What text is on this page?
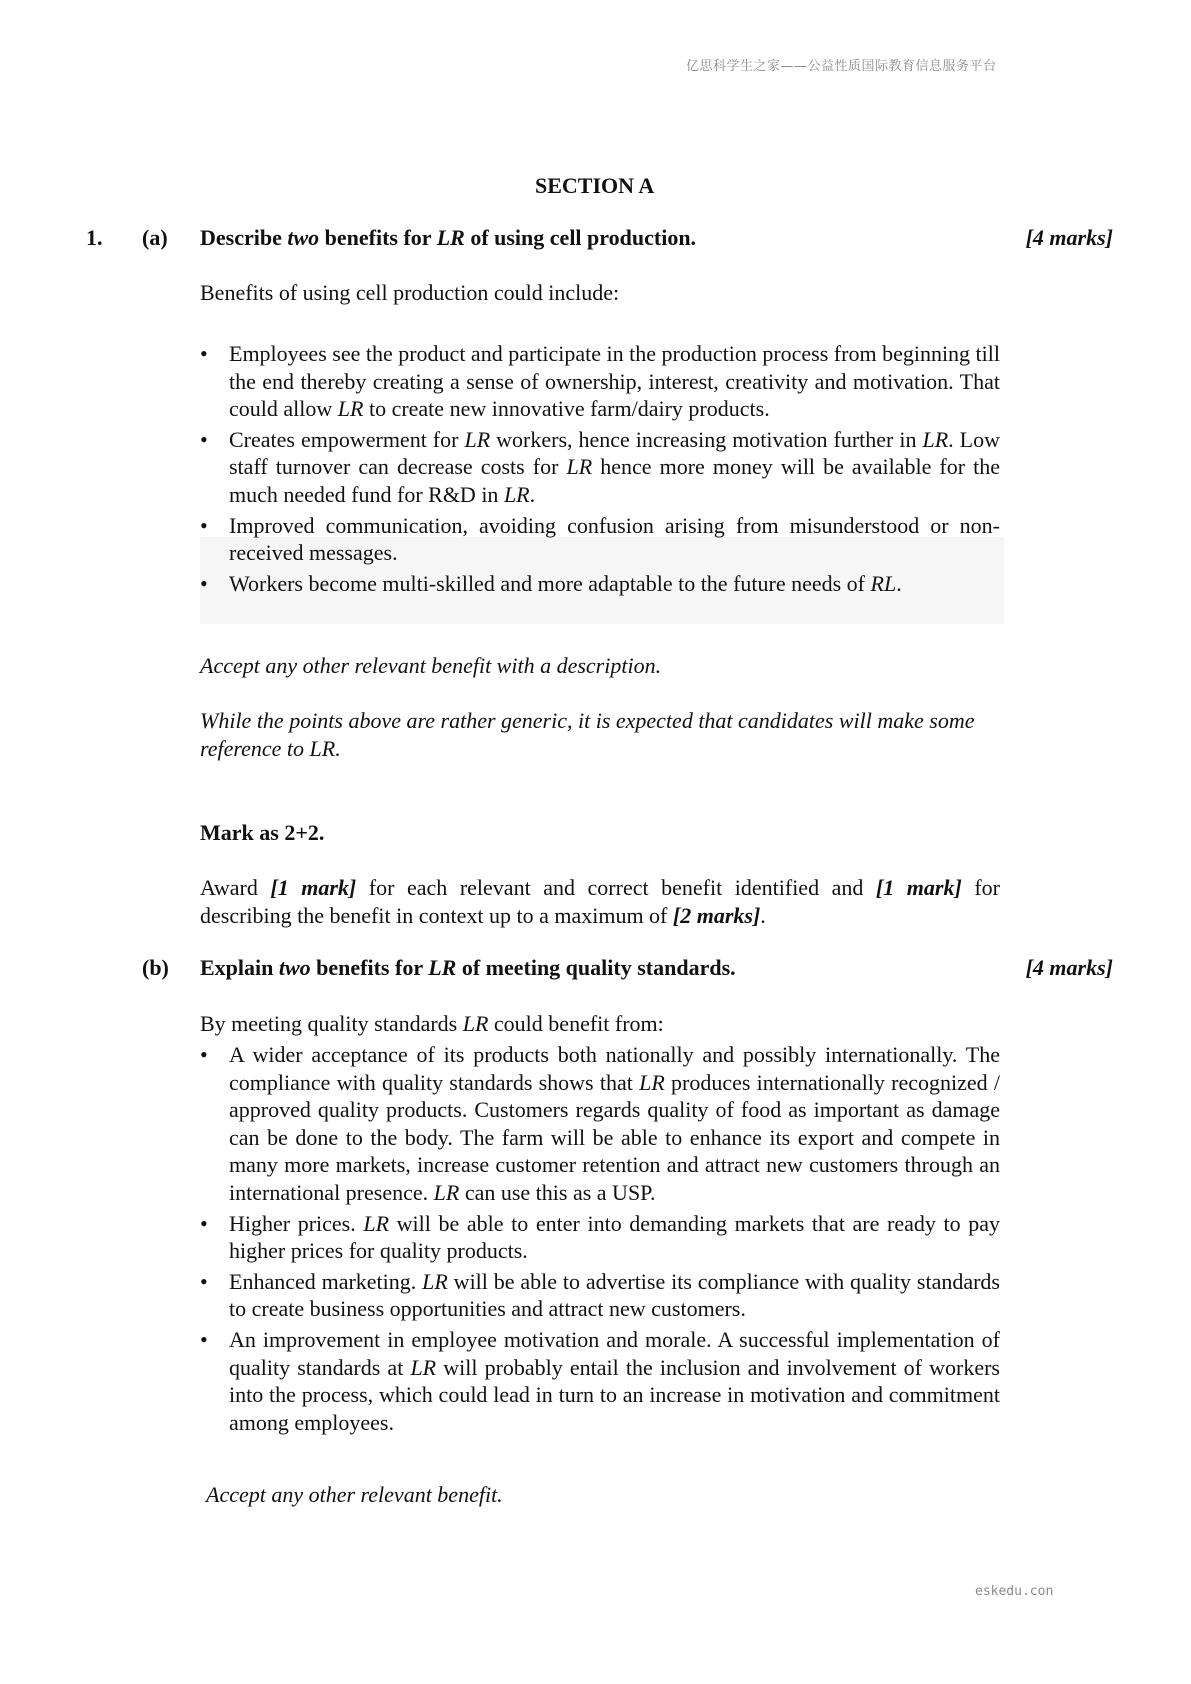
亿思科学生之家——公益性质国际教育信息服务平台
SECTION A
1. (a) Describe two benefits for LR of using cell production.	[4 marks]
Benefits of using cell production could include:
• Employees see the product and participate in the production process from beginning till the end thereby creating a sense of ownership, interest, creativity and motivation. That could allow LR to create new innovative farm/dairy products.
• Creates empowerment for LR workers, hence increasing motivation further in LR. Low staff turnover can decrease costs for LR hence more money will be available for the much needed fund for R&D in LR.
• Improved communication, avoiding confusion arising from misunderstood or non-received messages.
• Workers become multi-skilled and more adaptable to the future needs of RL.
Accept any other relevant benefit with a description.
While the points above are rather generic, it is expected that candidates will make some reference to LR.
Mark as 2+2.
Award [1 mark] for each relevant and correct benefit identified and [1 mark] for describing the benefit in context up to a maximum of [2 marks].
(b) Explain two benefits for LR of meeting quality standards.	[4 marks]
By meeting quality standards LR could benefit from:
• A wider acceptance of its products both nationally and possibly internationally. The compliance with quality standards shows that LR produces internationally recognized / approved quality products. Customers regards quality of food as important as damage can be done to the body. The farm will be able to enhance its export and compete in many more markets, increase customer retention and attract new customers through an international presence. LR can use this as a USP.
• Higher prices. LR will be able to enter into demanding markets that are ready to pay higher prices for quality products.
• Enhanced marketing. LR will be able to advertise its compliance with quality standards to create business opportunities and attract new customers.
• An improvement in employee motivation and morale. A successful implementation of quality standards at LR will probably entail the inclusion and involvement of workers into the process, which could lead in turn to an increase in motivation and commitment among employees.
Accept any other relevant benefit.
eskedu.con
